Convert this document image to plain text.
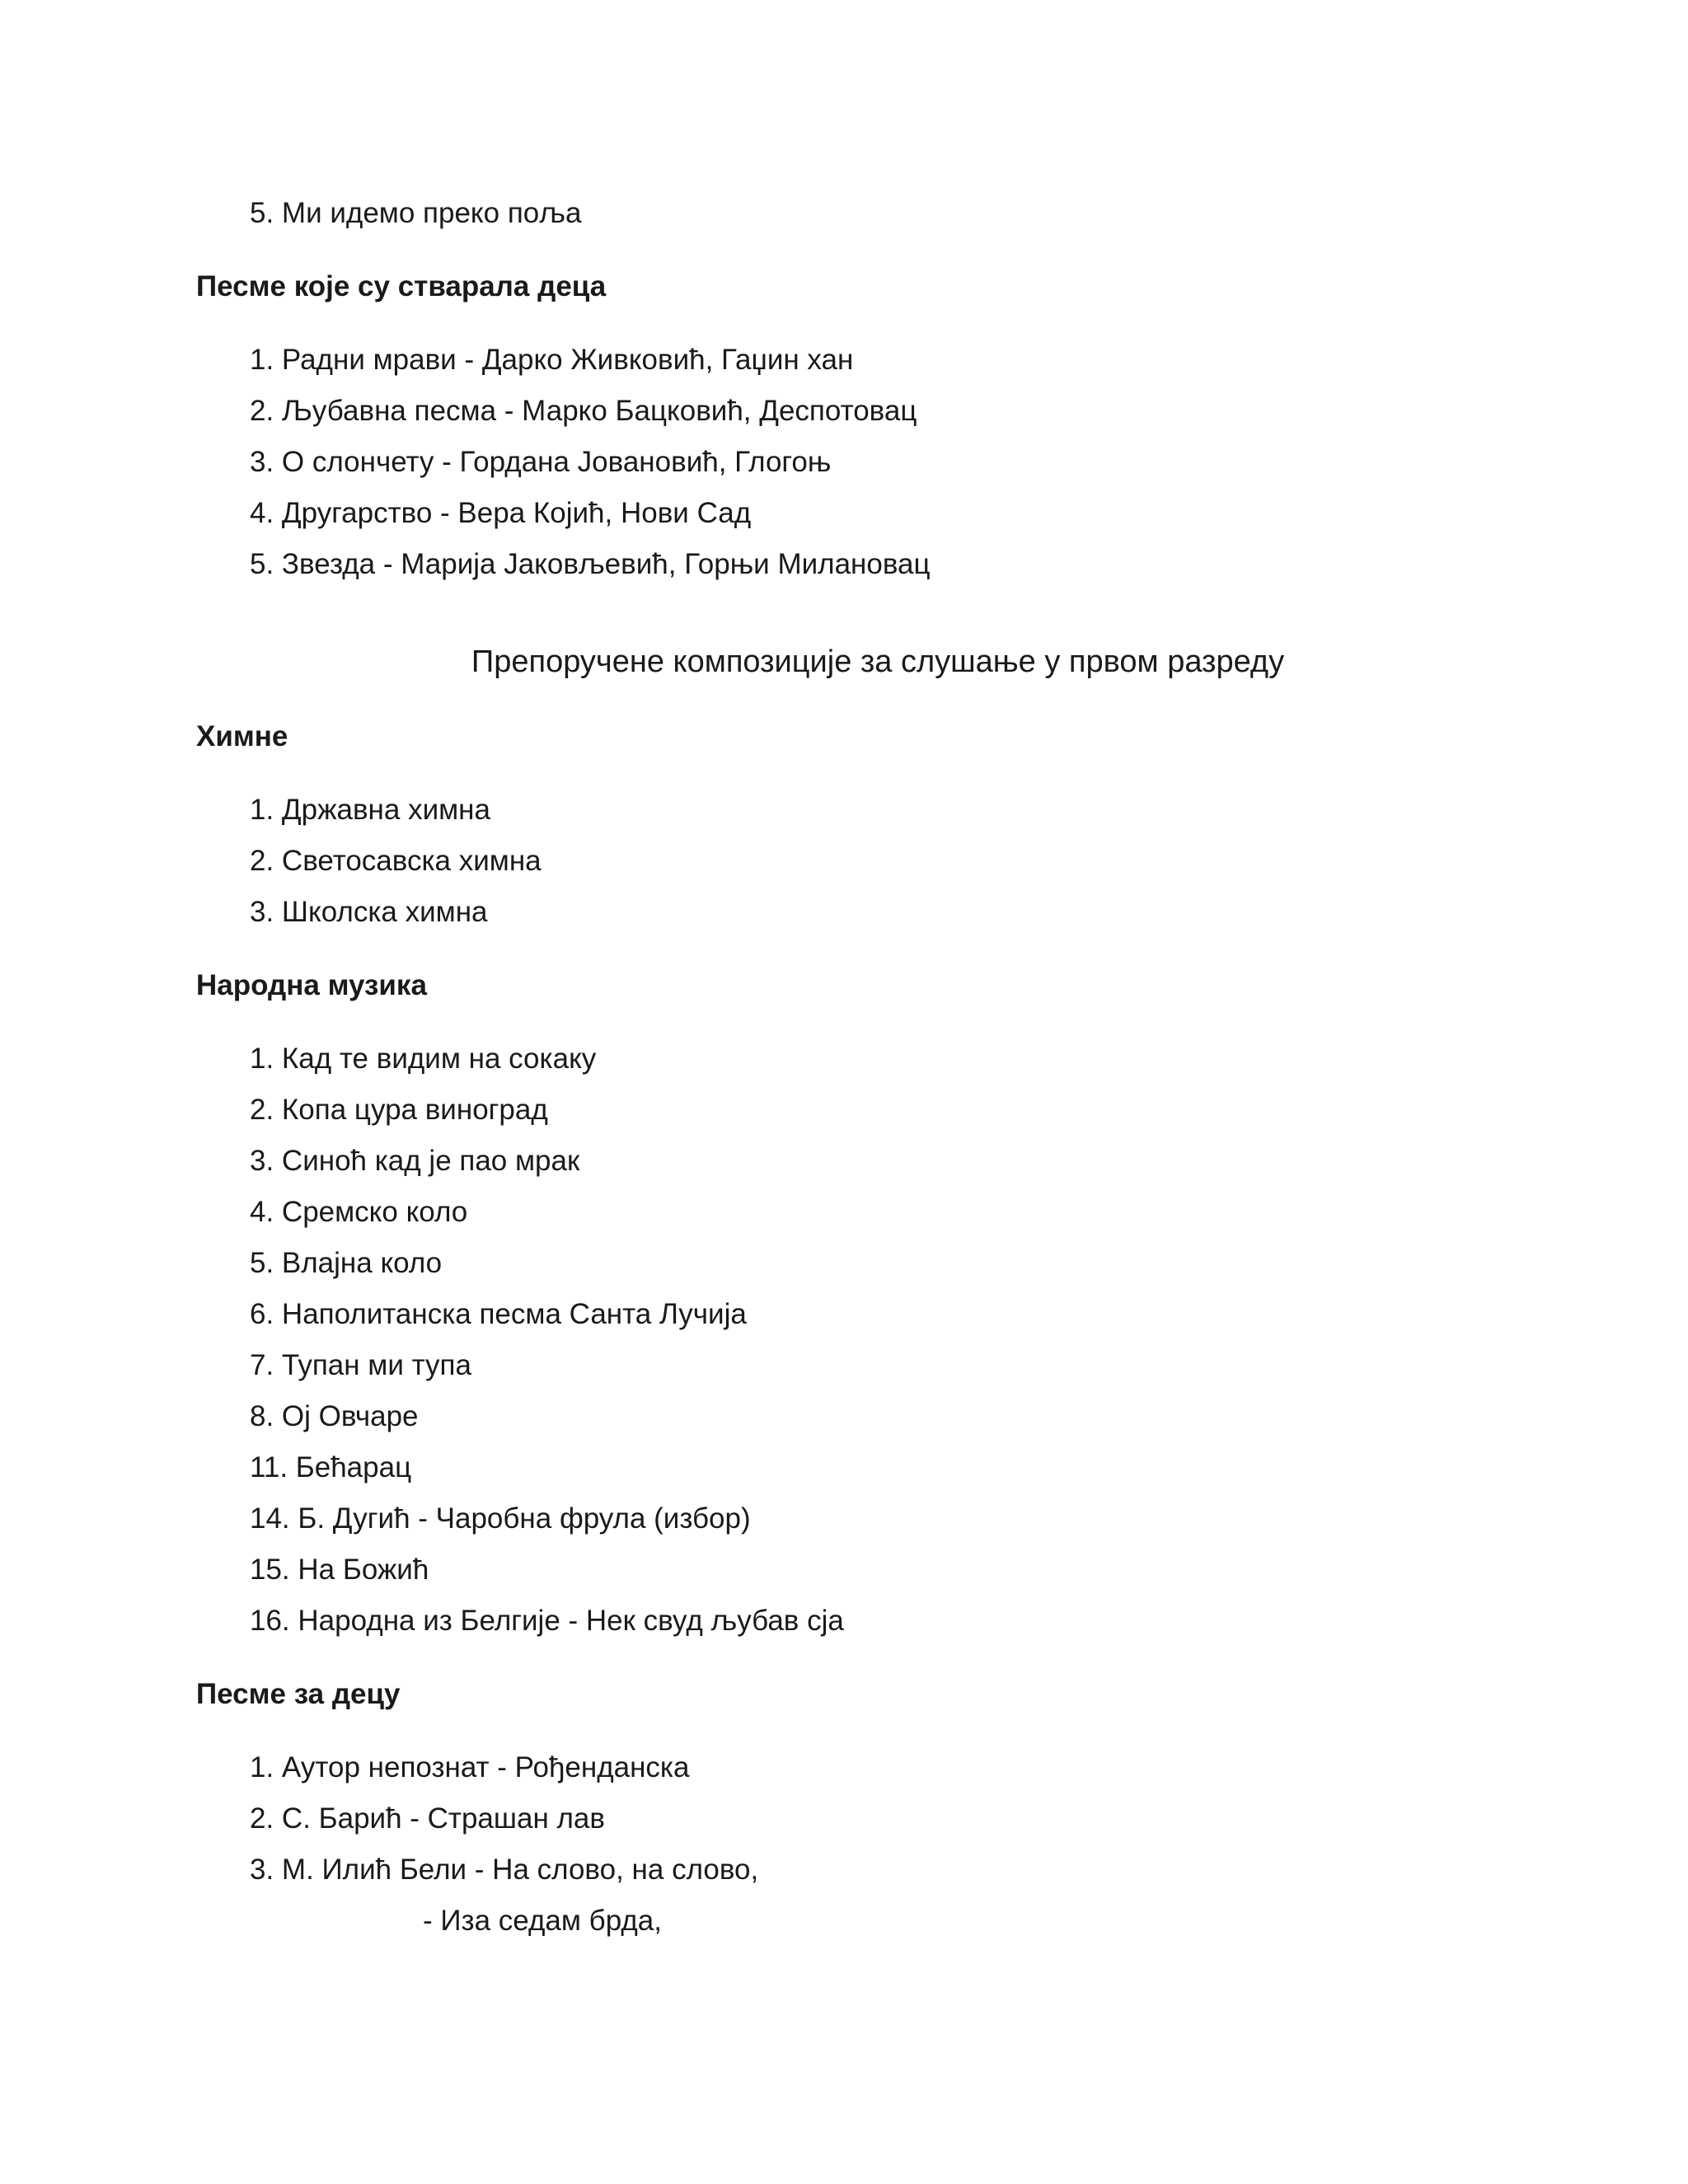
5. Ми идемо преко поља
Песме које су стварала деца
1. Радни мрави - Дарко Живковић, Гаџин хан
2. Љубавна песма - Марко Бацковић, Деспотовац
3. О слончету - Гордана Јовановић, Глогоњ
4. Другарство - Вера Којић, Нови Сад
5. Звезда - Марија Јаковљевић, Горњи Милановац
Препоручене композиције за слушање у првом разреду
Химне
1. Државна химна
2. Светосавска химна
3. Школска химна
Народна музика
1. Кад те видим на сокаку
2. Копа цура виноград
3. Синоћ кад је пао мрак
4. Сремско коло
5. Влајна коло
6. Наполитанска песма Санта Лучија
7. Тупан ми тупа
8. Ој Овчаре
11. Бећарац
14. Б. Дугић - Чаробна фрула (избор)
15. На Божић
16. Народна из Белгије - Нек свуд љубав сја
Песме за децу
1. Аутор непознат - Рођенданска
2. С. Барић - Страшан лав
3. М. Илић Бели - На слово, на слово,
- Иза седам брда,
